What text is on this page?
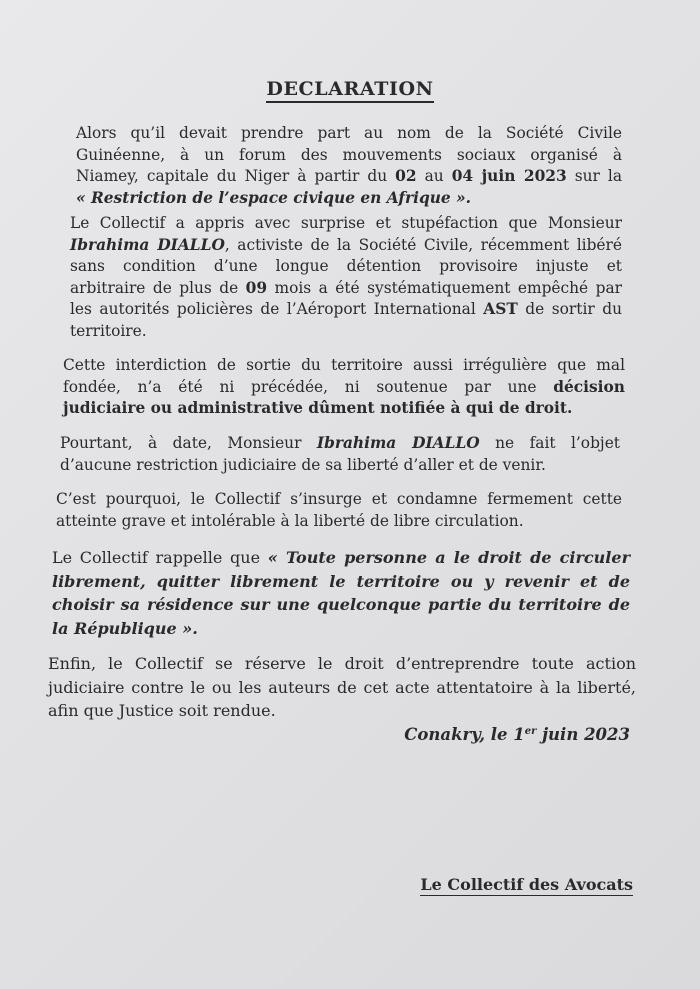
DECLARATION

Alors qu’il devait prendre part au nom de la Société Civile
Guinéenne, à un forum des mouvements sociaux organisé à
Niamey, capitale du Niger à partir du 02 au 04 juin 2023 sur la
« Restriction de l’espace civique en Afrique ».

Le Collectif a appris avec surprise et stupéfaction que Monsieur
Ibrahima DIALLO, activiste de la Société Civile, récemment libéré
sans condition d’une longue détention provisoire injuste et
arbitraire de plus de 09 mois a été systématiquement empêché par
les autorités policières de l’Aéroport International AST de sortir du
territoire.

Cette interdiction de sortie du territoire aussi irrégulière que mal
fondée, n’a été ni précédée, ni soutenue par une décision
judiciaire ou administrative dûment notifiée à qui de droit.

Pourtant, à date, Monsieur Ibrahima DIALLO ne fait l’objet
d’aucune restriction judiciaire de sa liberté d’aller et de venir.

C’est pourquoi, le Collectif s’insurge et condamne fermement cette
atteinte grave et intolérable à la liberté de libre circulation.

Le Collectif rappelle que « Toute personne a le droit de circuler
librement, quitter librement le territoire ou y revenir et de
choisir sa résidence sur une quelconque partie du territoire de
la République ».

Enfin, le Collectif se réserve le droit d’entreprendre toute action
judiciaire contre le ou les auteurs de cet acte attentatoire à la liberté,
afin que Justice soit rendue.

Conakry, le 1er juin 2023
Le Collectif des Avocats
